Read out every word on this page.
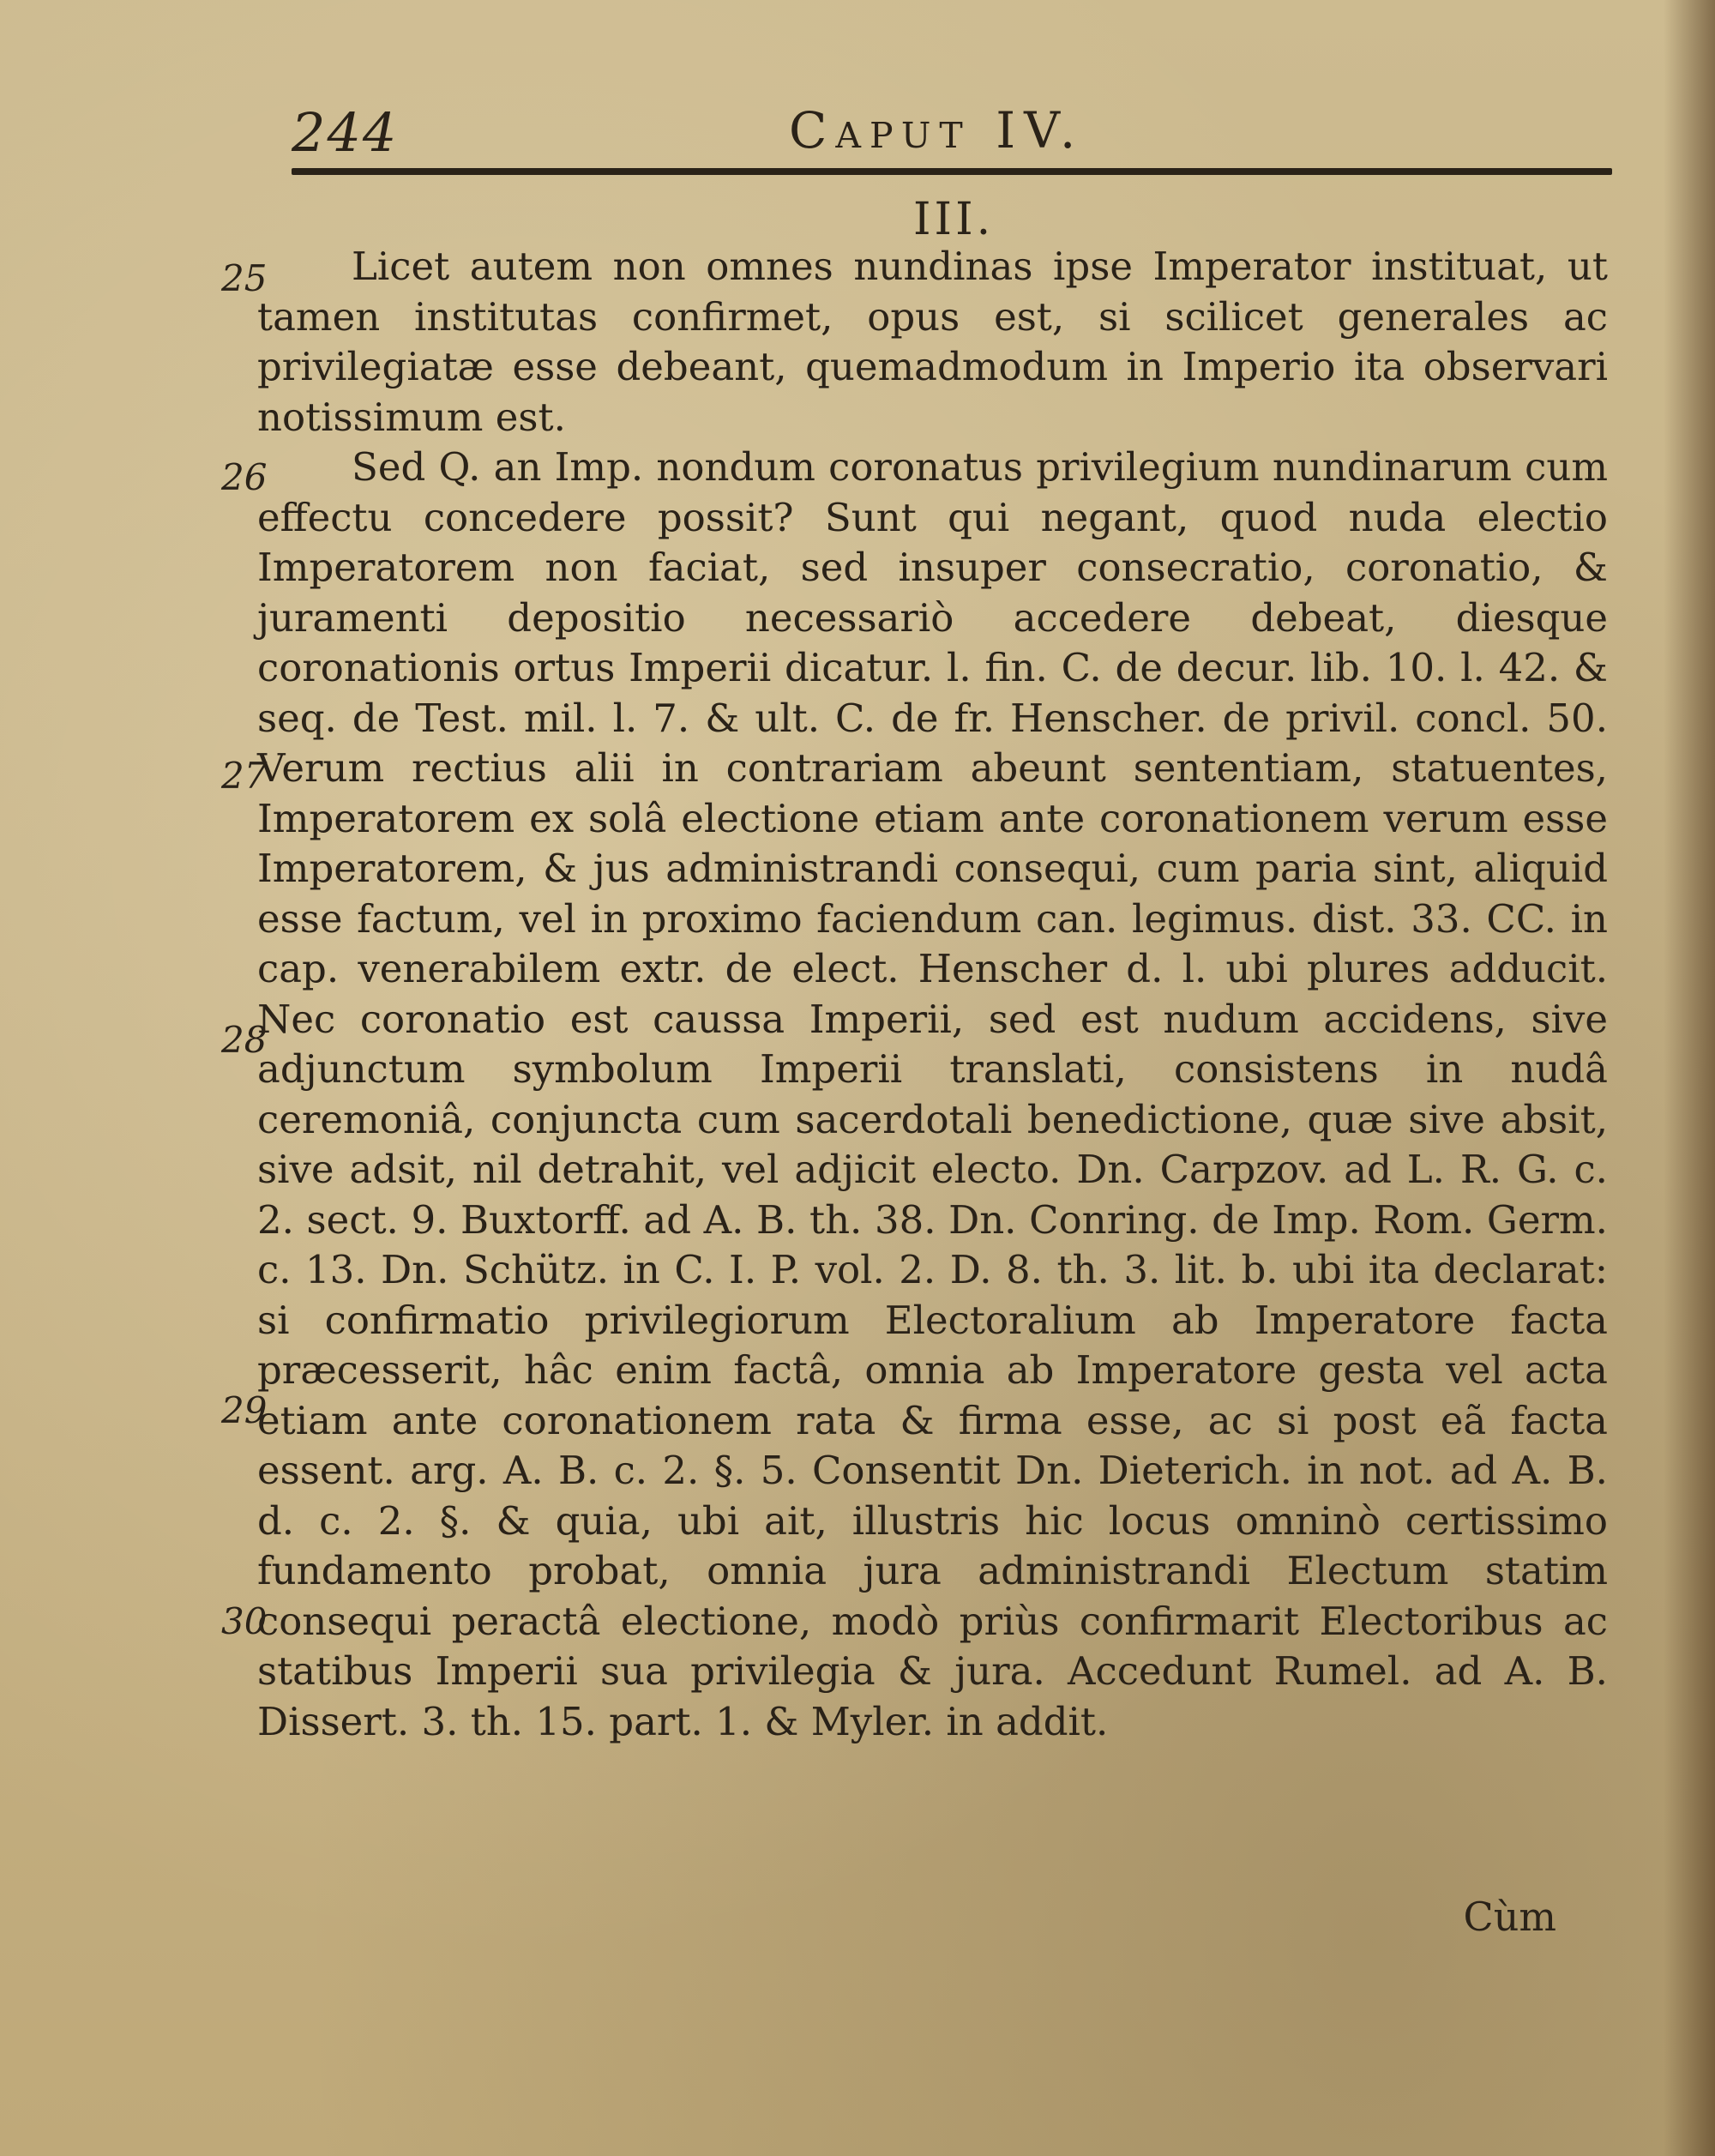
244	Caput IV.
III.
25
26
27
28
29
30

Licet autem non omnes nundinas ipse Imperator instituat, ut tamen institutas confirmet, opus est, si scilicet generales ac privilegiatæ esse debeant, quemadmodum in Imperio ita observari notissimum est.

Sed Q. an Imp. nondum coronatus privilegium nundinarum cum effectu concedere possit? Sunt qui negant, quod nuda electio Imperatorem non faciat, sed insuper consecratio, coronatio, & juramenti depositio necessariò accedere debeat, diesque coronationis ortus Imperii dicatur. l. fin. C. de decur. lib. 10. l. 42. & seq. de Test. mil. l. 7. & ult. C. de fr. Henscher. de privil. concl. 50. Verum rectius alii in contrariam abeunt sententiam, statuentes, Imperatorem ex solâ electione etiam ante coronationem verum esse Imperatorem, & jus administrandi consequi, cum paria sint, aliquid esse factum, vel in proximo faciendum can. legimus. dist. 33. CC. in cap. venerabilem extr. de elect. Henscher d. l. ubi plures adducit. Nec coronatio est caussa Imperii, sed est nudum accidens, sive adjunctum symbolum Imperii translati, consistens in nudâ ceremoniâ, conjuncta cum sacerdotali benedictione, quæ sive absit, sive adsit, nil detrahit, vel adjicit electo. Dn. Carpzov. ad L. R. G. c. 2. sect. 9. Buxtorff. ad A. B. th. 38. Dn. Conring. de Imp. Rom. Germ. c. 13. Dn. Schütz. in C. I. P. vol. 2. D. 8. th. 3. lit. b. ubi ita declarat: si confirmatio privilegiorum Electoralium ab Imperatore facta præcesserit, hâc enim factâ, omnia ab Imperatore gesta vel acta etiam ante coronationem rata & firma esse, ac si post eã facta essent. arg. A. B. c. 2. §. 5. Consentit Dn. Dieterich. in not. ad A. B. d. c. 2. §. & quia, ubi ait, illustris hic locus omninò certissimo fundamento probat, omnia jura administrandi Electum statim consequi peractâ electione, modò priùs confirmarit Electoribus ac statibus Imperii sua privilegia & jura. Accedunt Rumel. ad A. B. Dissert. 3. th. 15. part. 1. & Myler. in addit.

Cùm
